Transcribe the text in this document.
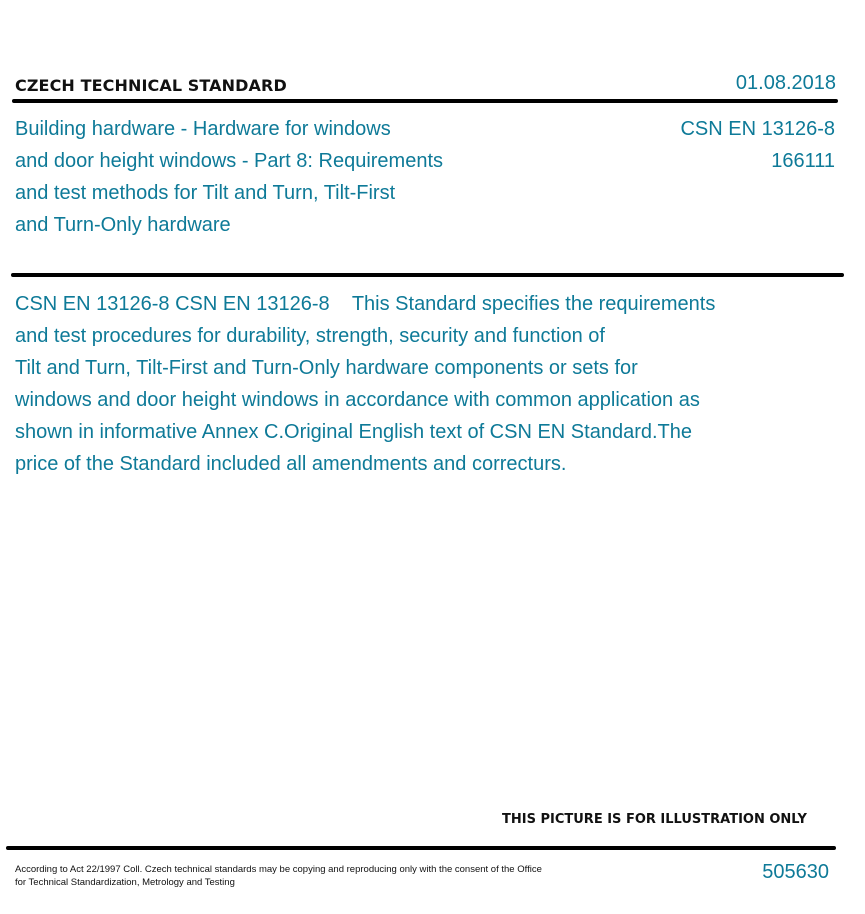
CZECH TECHNICAL STANDARD	01.08.2018
Building hardware - Hardware for windows
and door height windows - Part 8: Requirements
and test methods for Tilt and Turn, Tilt-First
and Turn-Only hardware
CSN EN 13126-8
166111
CSN EN 13126-8 CSN EN 13126-8    This Standard specifies the requirements
and test procedures for durability, strength, security and function of
Tilt and Turn, Tilt-First and Turn-Only hardware components or sets for
windows and door height windows in accordance with common application as
shown in informative Annex C.Original English text of CSN EN Standard.The
price of the Standard included all amendments and correcturs.
THIS PICTURE IS FOR ILLUSTRATION ONLY
According to Act 22/1997 Coll. Czech technical standards may be copying and reproducing only with the consent of the Office
for Technical Standardization, Metrology and Testing	505630
